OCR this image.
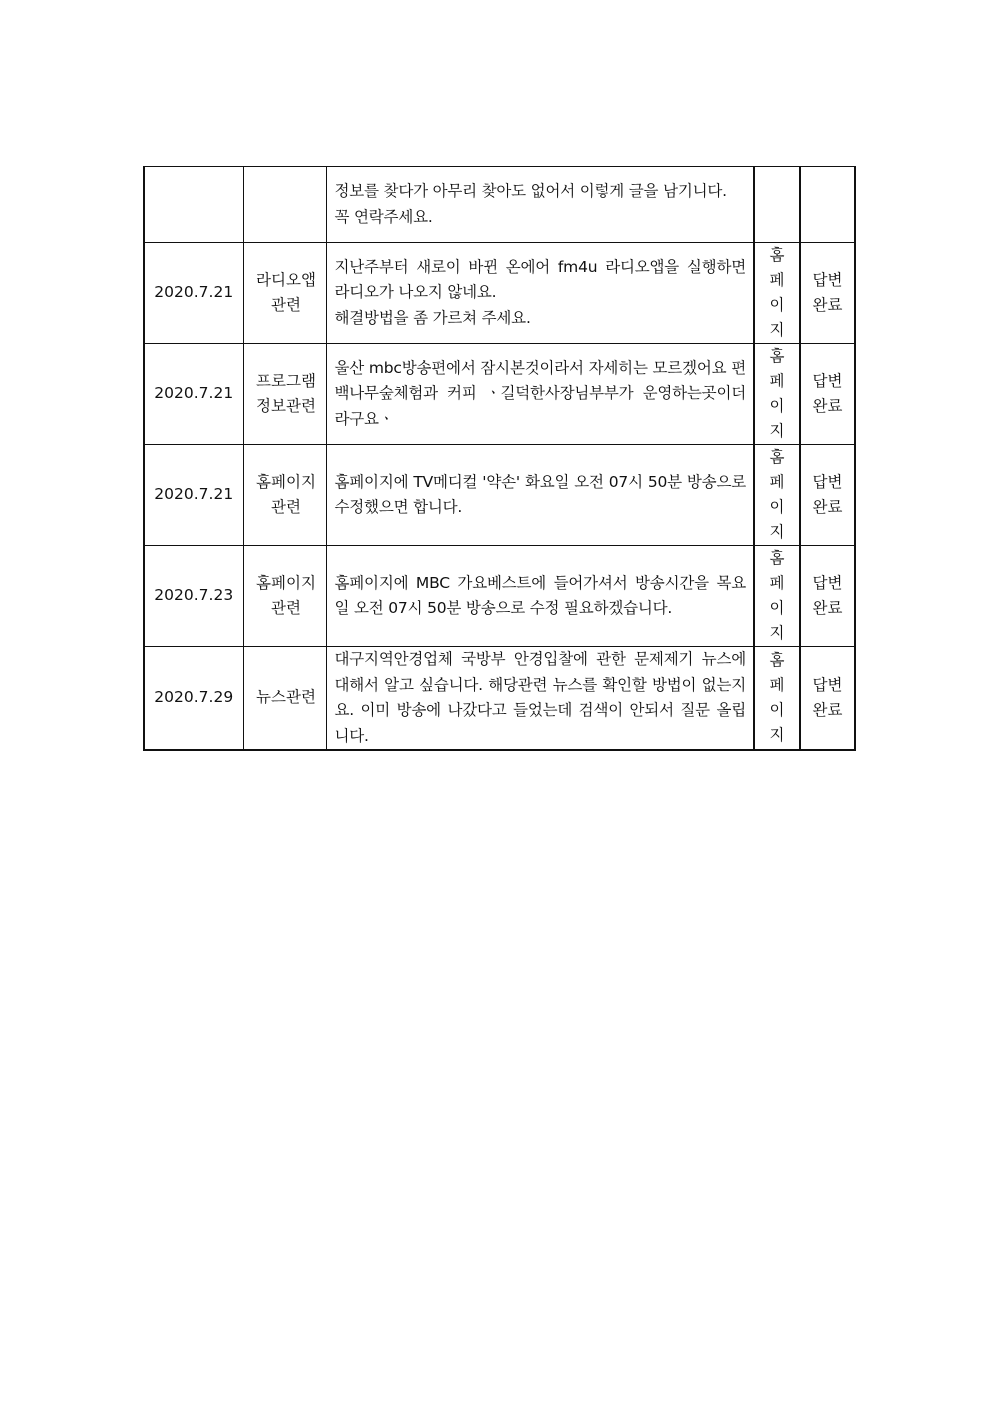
		정보를 찾다가 아무리 찾아도 없어서 이렇게 글을 남기니다.
꼭 연락주세요.		

2020.7.21	라디오앱
관련	지난주부터 새로이 바뀐 온에어 fm4u 라디오앱을 실행하면 라디오가 나오지 않네요.
해결방법을 좀 가르쳐 주세요.	홈페이지	답변
완료

2020.7.21	프로그램
정보관련	울산 mbc방송편에서 잠시본것이라서 자세히는 모르겠어요 편백나무숲체험과 커피 ㆍ길덕한사장님부부가 운영하는곳이더라구요ㆍ	홈페이지	답변
완료

2020.7.21	홈페이지
관련	홈페이지에 TV메디컬 '약손' 화요일 오전 07시 50분 방송으로 수정했으면 합니다.	홈페이지	답변
완료

2020.7.23	홈페이지
관련	홈페이지에 MBC 가요베스트에 들어가셔서 방송시간을 목요일 오전 07시 50분 방송으로 수정 필요하겠습니다.	홈페이지	답변
완료

2020.7.29	뉴스관련	대구지역안경업체 국방부 안경입찰에 관한 문제제기 뉴스에 대해서 알고 싶습니다. 해당관련 뉴스를 확인할 방법이 없는지요. 이미 방송에 나갔다고 들었는데 검색이 안되서 질문 올립니다.	홈페이지	답변
완료
